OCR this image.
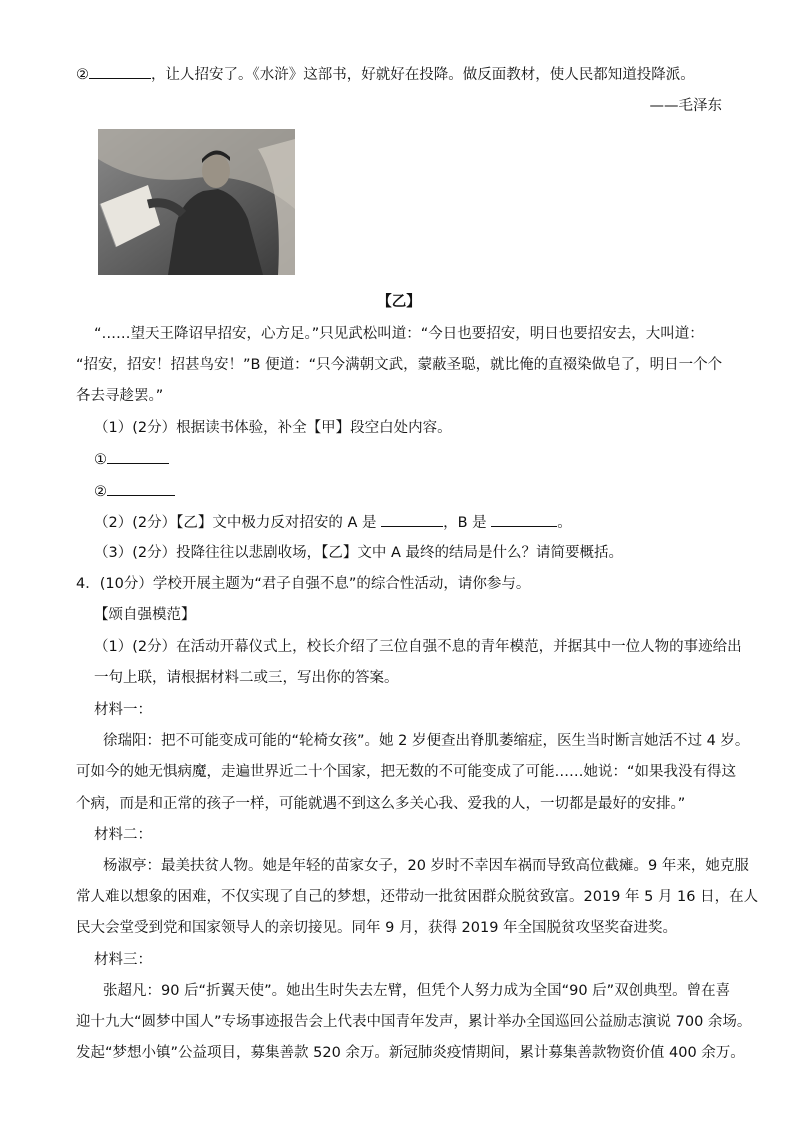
②	，让人招安了。《水浒》这部书，好就好在投降。做反面教材，使人民都知道投降派。
——毛泽东
【乙】
“……望天王降诏早招安，心方足。”只见武松叫道：“今日也要招安，明日也要招安去，大叫道：
“招安，招安！招甚鸟安！”B 便道：“只今满朝文武，蒙蔽圣聪，就比俺的直裰染做皂了，明日一个个
各去寻趁罢。”
（1）(2分）根据读书体验，补全【甲】段空白处内容。
①
②
（2）(2分）【乙】文中极力反对招安的 A 是	，B 是	。
（3）(2分）投降往往以悲剧收场，【乙】文中 A 最终的结局是什么？请简要概括。
4．(10分）学校开展主题为“君子自强不息”的综合性活动，请你参与。
【颂自强模范】
（1）(2分）在活动开幕仪式上，校长介绍了三位自强不息的青年模范，并据其中一位人物的事迹给出
一句上联，请根据材料二或三，写出你的答案。
材料一：
徐瑞阳：把不可能变成可能的“轮椅女孩”。她 2 岁便查出脊肌萎缩症，医生当时断言她活不过 4 岁。
可如今的她无惧病魔，走遍世界近二十个国家，把无数的不可能变成了可能……她说：“如果我没有得这
个病，而是和正常的孩子一样，可能就遇不到这么多关心我、爱我的人，一切都是最好的安排。”
材料二：
杨淑亭：最美扶贫人物。她是年轻的苗家女子，20 岁时不幸因车祸而导致高位截瘫。9 年来，她克服
常人难以想象的困难，不仅实现了自己的梦想，还带动一批贫困群众脱贫致富。2019 年 5 月 16 日，在人
民大会堂受到党和国家领导人的亲切接见。同年 9 月，获得 2019 年全国脱贫攻坚奖奋进奖。
材料三：
张超凡：90 后“折翼天使”。她出生时失去左臂，但凭个人努力成为全国“90 后”双创典型。曾在喜
迎十九大“圆梦中国人”专场事迹报告会上代表中国青年发声，累计举办全国巡回公益励志演说 700 余场。
发起“梦想小镇”公益项目，募集善款 520 余万。新冠肺炎疫情期间，累计募集善款物资价值 400 余万。
